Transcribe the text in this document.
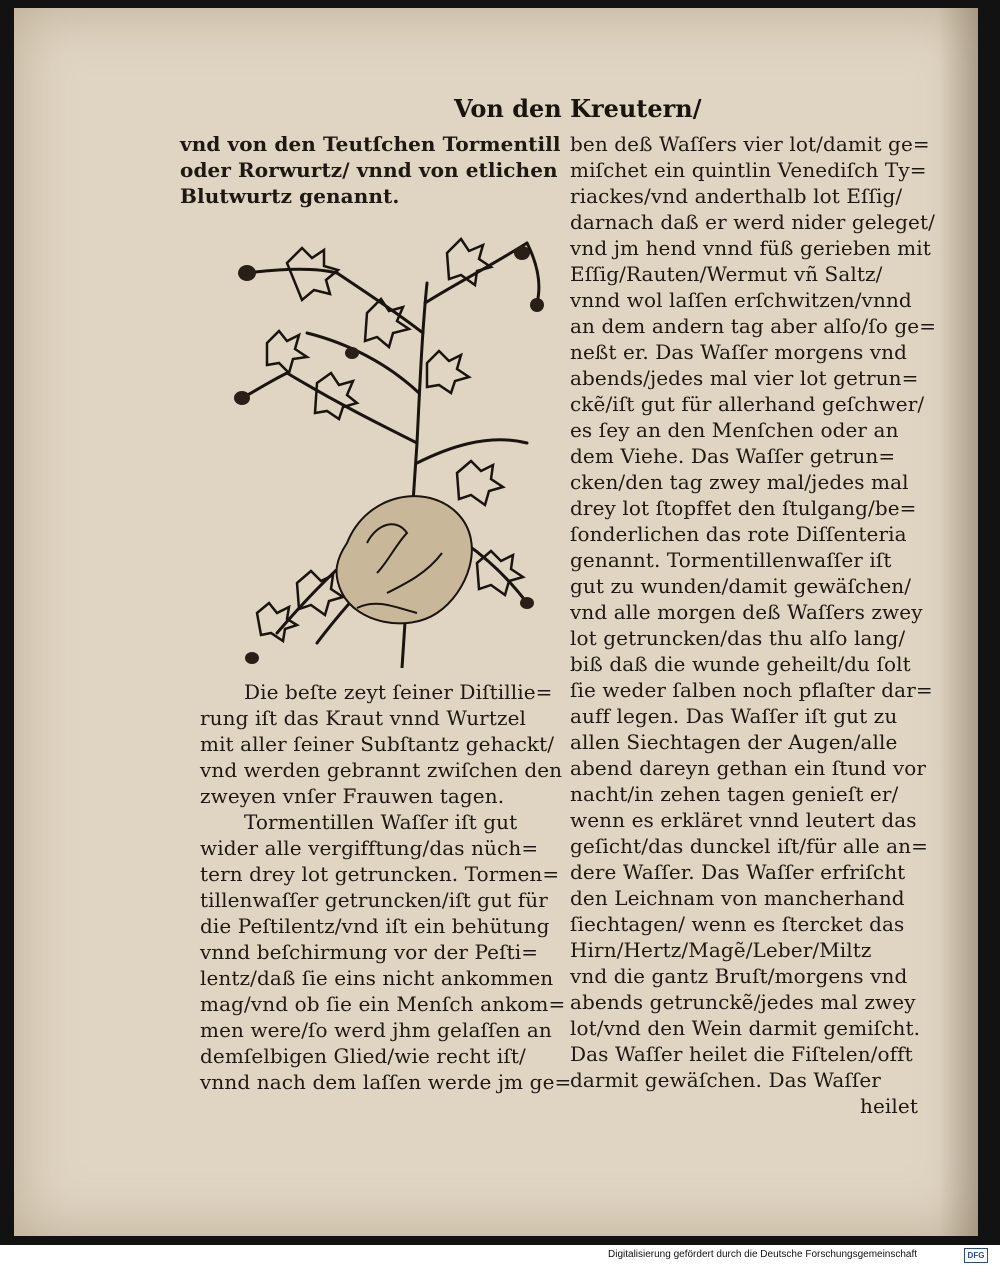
Von den Kreutern/
vnd von den Teutſchen Tormentill
oder Rorwurtz/ vnnd von etlichen
Blutwurtz genannt.
Die beſte zeyt ſeiner Diſtillie=
rung iſt das Kraut vnnd Wurtzel
mit aller ſeiner Subſtantz gehackt/
vnd werden gebrannt zwiſchen den
zweyen vnſer Frauwen tagen.
Tormentillen Waſſer iſt gut
wider alle vergifftung/das nüch=
tern drey lot getruncken. Tormen=
tillenwaſſer getruncken/iſt gut für
die Peſtilentz/vnd iſt ein behütung
vnnd beſchirmung vor der Peſti=
lentz/daß ſie eins nicht ankommen
mag/vnd ob ſie ein Menſch ankom=
men were/ſo werd jhm gelaſſen an
demſelbigen Glied/wie recht iſt/
vnnd nach dem laſſen werde jm ge=
ben deß Waſſers vier lot/damit ge=
miſchet ein quintlin Venediſch Ty=
riackes/vnd anderthalb lot Eſſig/
darnach daß er werd nider geleget/
vnd jm hend vnnd füß gerieben mit
Eſſig/Rauten/Wermut vñ Saltz/
vnnd wol laſſen erſchwitzen/vnnd
an dem andern tag aber alſo/ſo ge=
neßt er. Das Waſſer morgens vnd
abends/jedes mal vier lot getrun=
ckẽ/iſt gut für allerhand geſchwer/
es ſey an den Menſchen oder an
dem Viehe. Das Waſſer getrun=
cken/den tag zwey mal/jedes mal
drey lot ſtopffet den ſtulgang/be=
ſonderlichen das rote Diſſenteria
genannt. Tormentillenwaſſer iſt
gut zu wunden/damit gewäſchen/
vnd alle morgen deß Waſſers zwey
lot getruncken/das thu alſo lang/
biß daß die wunde geheilt/du ſolt
ſie weder ſalben noch pflaſter dar=
auff legen. Das Waſſer iſt gut zu
allen Siechtagen der Augen/alle
abend dareyn gethan ein ſtund vor
nacht/in zehen tagen genieſt er/
wenn es erkläret vnnd leutert das
geſicht/das dunckel iſt/für alle an=
dere Waſſer. Das Waſſer erfriſcht
den Leichnam von mancherhand
ſiechtagen/ wenn es ſtercket das
Hirn/Hertz/Magẽ/Leber/Miltz
vnd die gantz Bruſt/morgens vnd
abends getrunckẽ/jedes mal zwey
lot/vnd den Wein darmit gemiſcht.
Das Waſſer heilet die Fiſtelen/offt
darmit gewäſchen. Das Waſſer
heilet
Digitalisierung gefördert durch die Deutsche Forschungsgemeinschaft	DFG
